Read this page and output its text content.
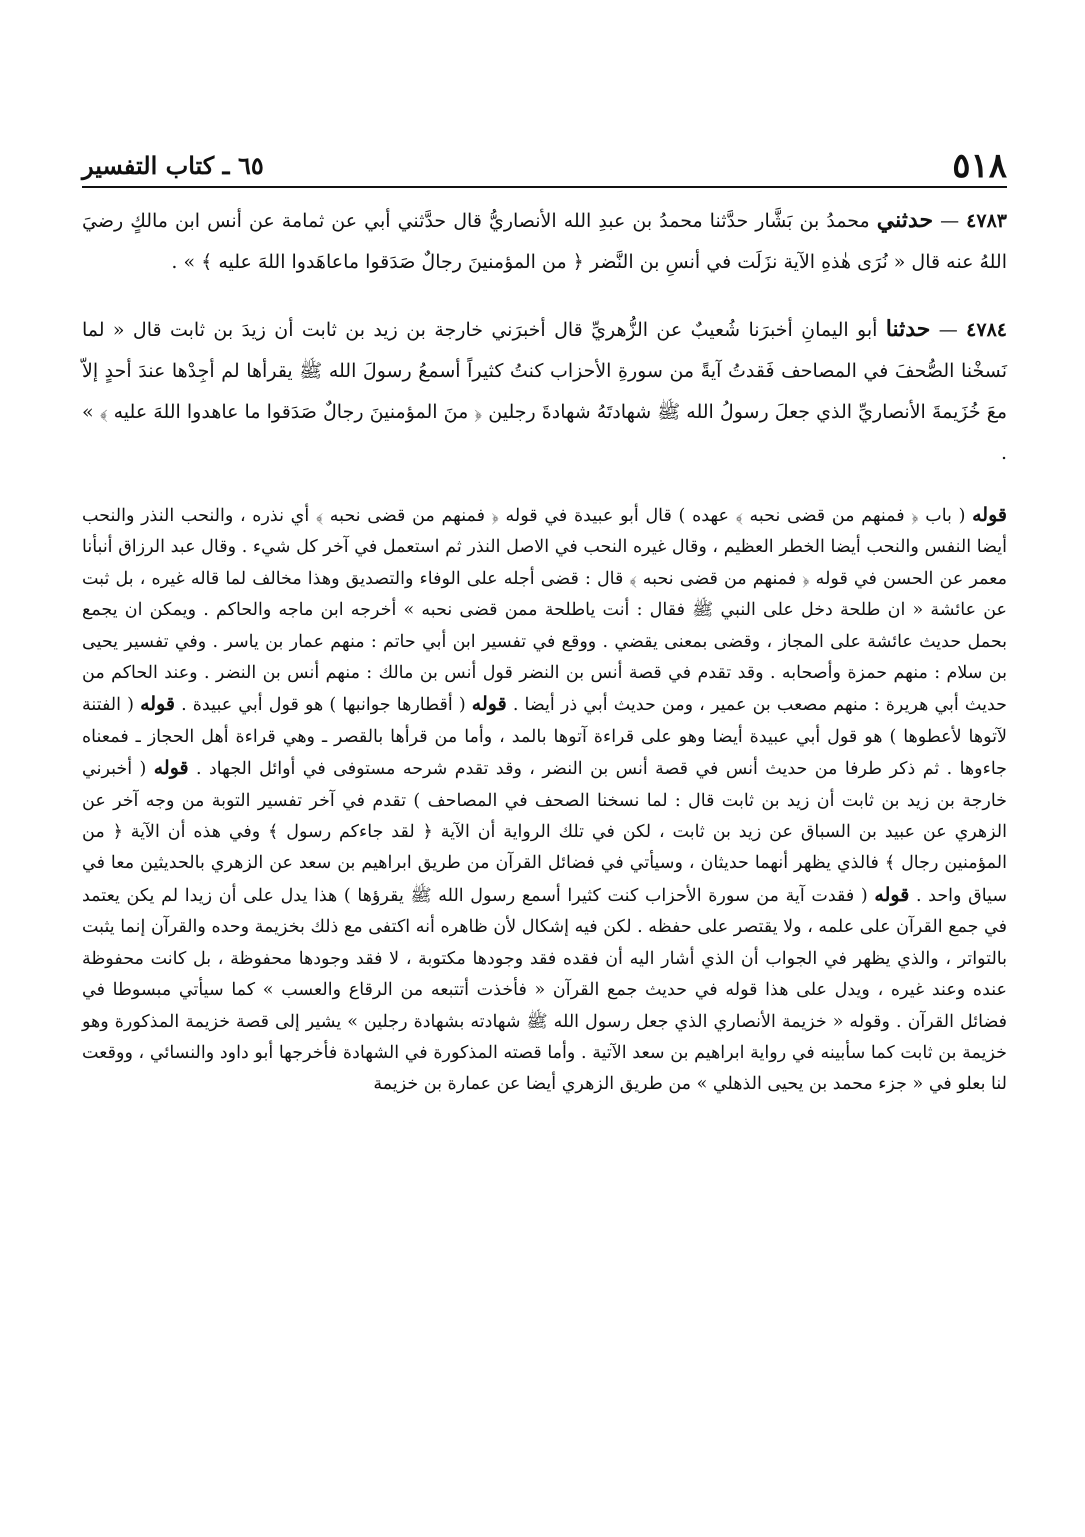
٥١٨
٦٥ ـ كتاب التفسير

٤٧٨٣ — حدثني محمدُ بن بَشَّار حدَّثنا محمدُ بن عبدِ الله الأنصاريُّ قال حدَّثني أبي عن ثمامة عن أنس ابن مالكٍ رضيَ اللهُ عنه قال « نُرَى هٰذهِ الآية نزَلَت في أنسِ بن النَّضر ﴿ من المؤمنينَ رجالٌ صَدَقوا ماعاهَدوا اللهَ عليه ﴾ » .

٤٧٨٤ — حدثنا أبو اليمانِ أخبرَنا شُعيبٌ عن الزُّهريِّ قال أخبرَني خارجة بن زيد بن ثابت أن زيدَ بن ثابت قال « لما نَسخْنا الصُّحفَ في المصاحف فَقدتُ آيةً من سورةِ الأحزاب كنتُ كثيراً أسمعُ رسولَ الله ﷺ يقرأها لم أجِدْها عندَ أحدٍ إلاّ معَ خُزَيمةَ الأنصاريِّ الذي جعلَ رسولُ الله ﷺ شهادتَهُ شهادةَ رجلين ﴿ منَ المؤمنينَ رجالٌ صَدَقوا ما عاهدوا اللهَ عليه ﴾ » .

قوله ( باب ﴿ فمنهم من قضى نحبه ﴾ عهده ) قال أبو عبيدة في قوله ﴿ فمنهم من قضى نحبه ﴾ أي نذره ، والنحب النذر والنحب أيضا النفس والنحب أيضا الخطر العظيم ، وقال غيره النحب في الاصل النذر ثم استعمل في آخر كل شيء . وقال عبد الرزاق أنبأنا معمر عن الحسن في قوله ﴿ فمنهم من قضى نحبه ﴾ قال : قضى أجله على الوفاء والتصديق وهذا مخالف لما قاله غيره ، بل ثبت عن عائشة « ان طلحة دخل على النبي ﷺ فقال : أنت ياطلحة ممن قضى نحبه » أخرجه ابن ماجه والحاكم . ويمكن ان يجمع بحمل حديث عائشة على المجاز ، وقضى بمعنى يقضي . ووقع في تفسير ابن أبي حاتم : منهم عمار بن ياسر . وفي تفسير يحيى بن سلام : منهم حمزة وأصحابه . وقد تقدم في قصة أنس بن النضر قول أنس بن مالك : منهم أنس بن النضر . وعند الحاكم من حديث أبي هريرة : منهم مصعب بن عمير ، ومن حديث أبي ذر أيضا . قوله ( أقطارها جوانبها ) هو قول أبي عبيدة . قوله ( الفتنة لآتوها لأعطوها ) هو قول أبي عبيدة أيضا وهو على قراءة آتوها بالمد ، وأما من قرأها بالقصر ـ وهي قراءة أهل الحجاز ـ فمعناه جاءوها . ثم ذكر طرفا من حديث أنس في قصة أنس بن النضر ، وقد تقدم شرحه مستوفى في أوائل الجهاد . قوله ( أخبرني خارجة بن زيد بن ثابت أن زيد بن ثابت قال : لما نسخنا الصحف في المصاحف ) تقدم في آخر تفسير التوبة من وجه آخر عن الزهري عن عبيد بن السباق عن زيد بن ثابت ، لكن في تلك الرواية أن الآية ﴿ لقد جاءكم رسول ﴾ وفي هذه أن الآية ﴿ من المؤمنين رجال ﴾ فالذي يظهر أنهما حديثان ، وسيأتي في فضائل القرآن من طريق ابراهيم بن سعد عن الزهري بالحديثين معا في سياق واحد . قوله ( فقدت آية من سورة الأحزاب كنت كثيرا أسمع رسول الله ﷺ يقرؤها ) هذا يدل على أن زيدا لم يكن يعتمد في جمع القرآن على علمه ، ولا يقتصر على حفظه . لكن فيه إشكال لأن ظاهره أنه اكتفى مع ذلك بخزيمة وحده والقرآن إنما يثبت بالتواتر ، والذي يظهر في الجواب أن الذي أشار اليه أن فقده فقد وجودها مكتوبة ، لا فقد وجودها محفوظة ، بل كانت محفوظة عنده وعند غيره ، ويدل على هذا قوله في حديث جمع القرآن « فأخذت أتتبعه من الرقاع والعسب » كما سيأتي مبسوطا في فضائل القرآن . وقوله « خزيمة الأنصاري الذي جعل رسول الله ﷺ شهادته بشهادة رجلين » يشير إلى قصة خزيمة المذكورة وهو خزيمة بن ثابت كما سأبينه في رواية ابراهيم بن سعد الآتية . وأما قصته المذكورة في الشهادة فأخرجها أبو داود والنسائي ، ووقعت لنا بعلو في « جزء محمد بن يحيى الذهلي » من طريق الزهري أيضا عن عمارة بن خزيمة
